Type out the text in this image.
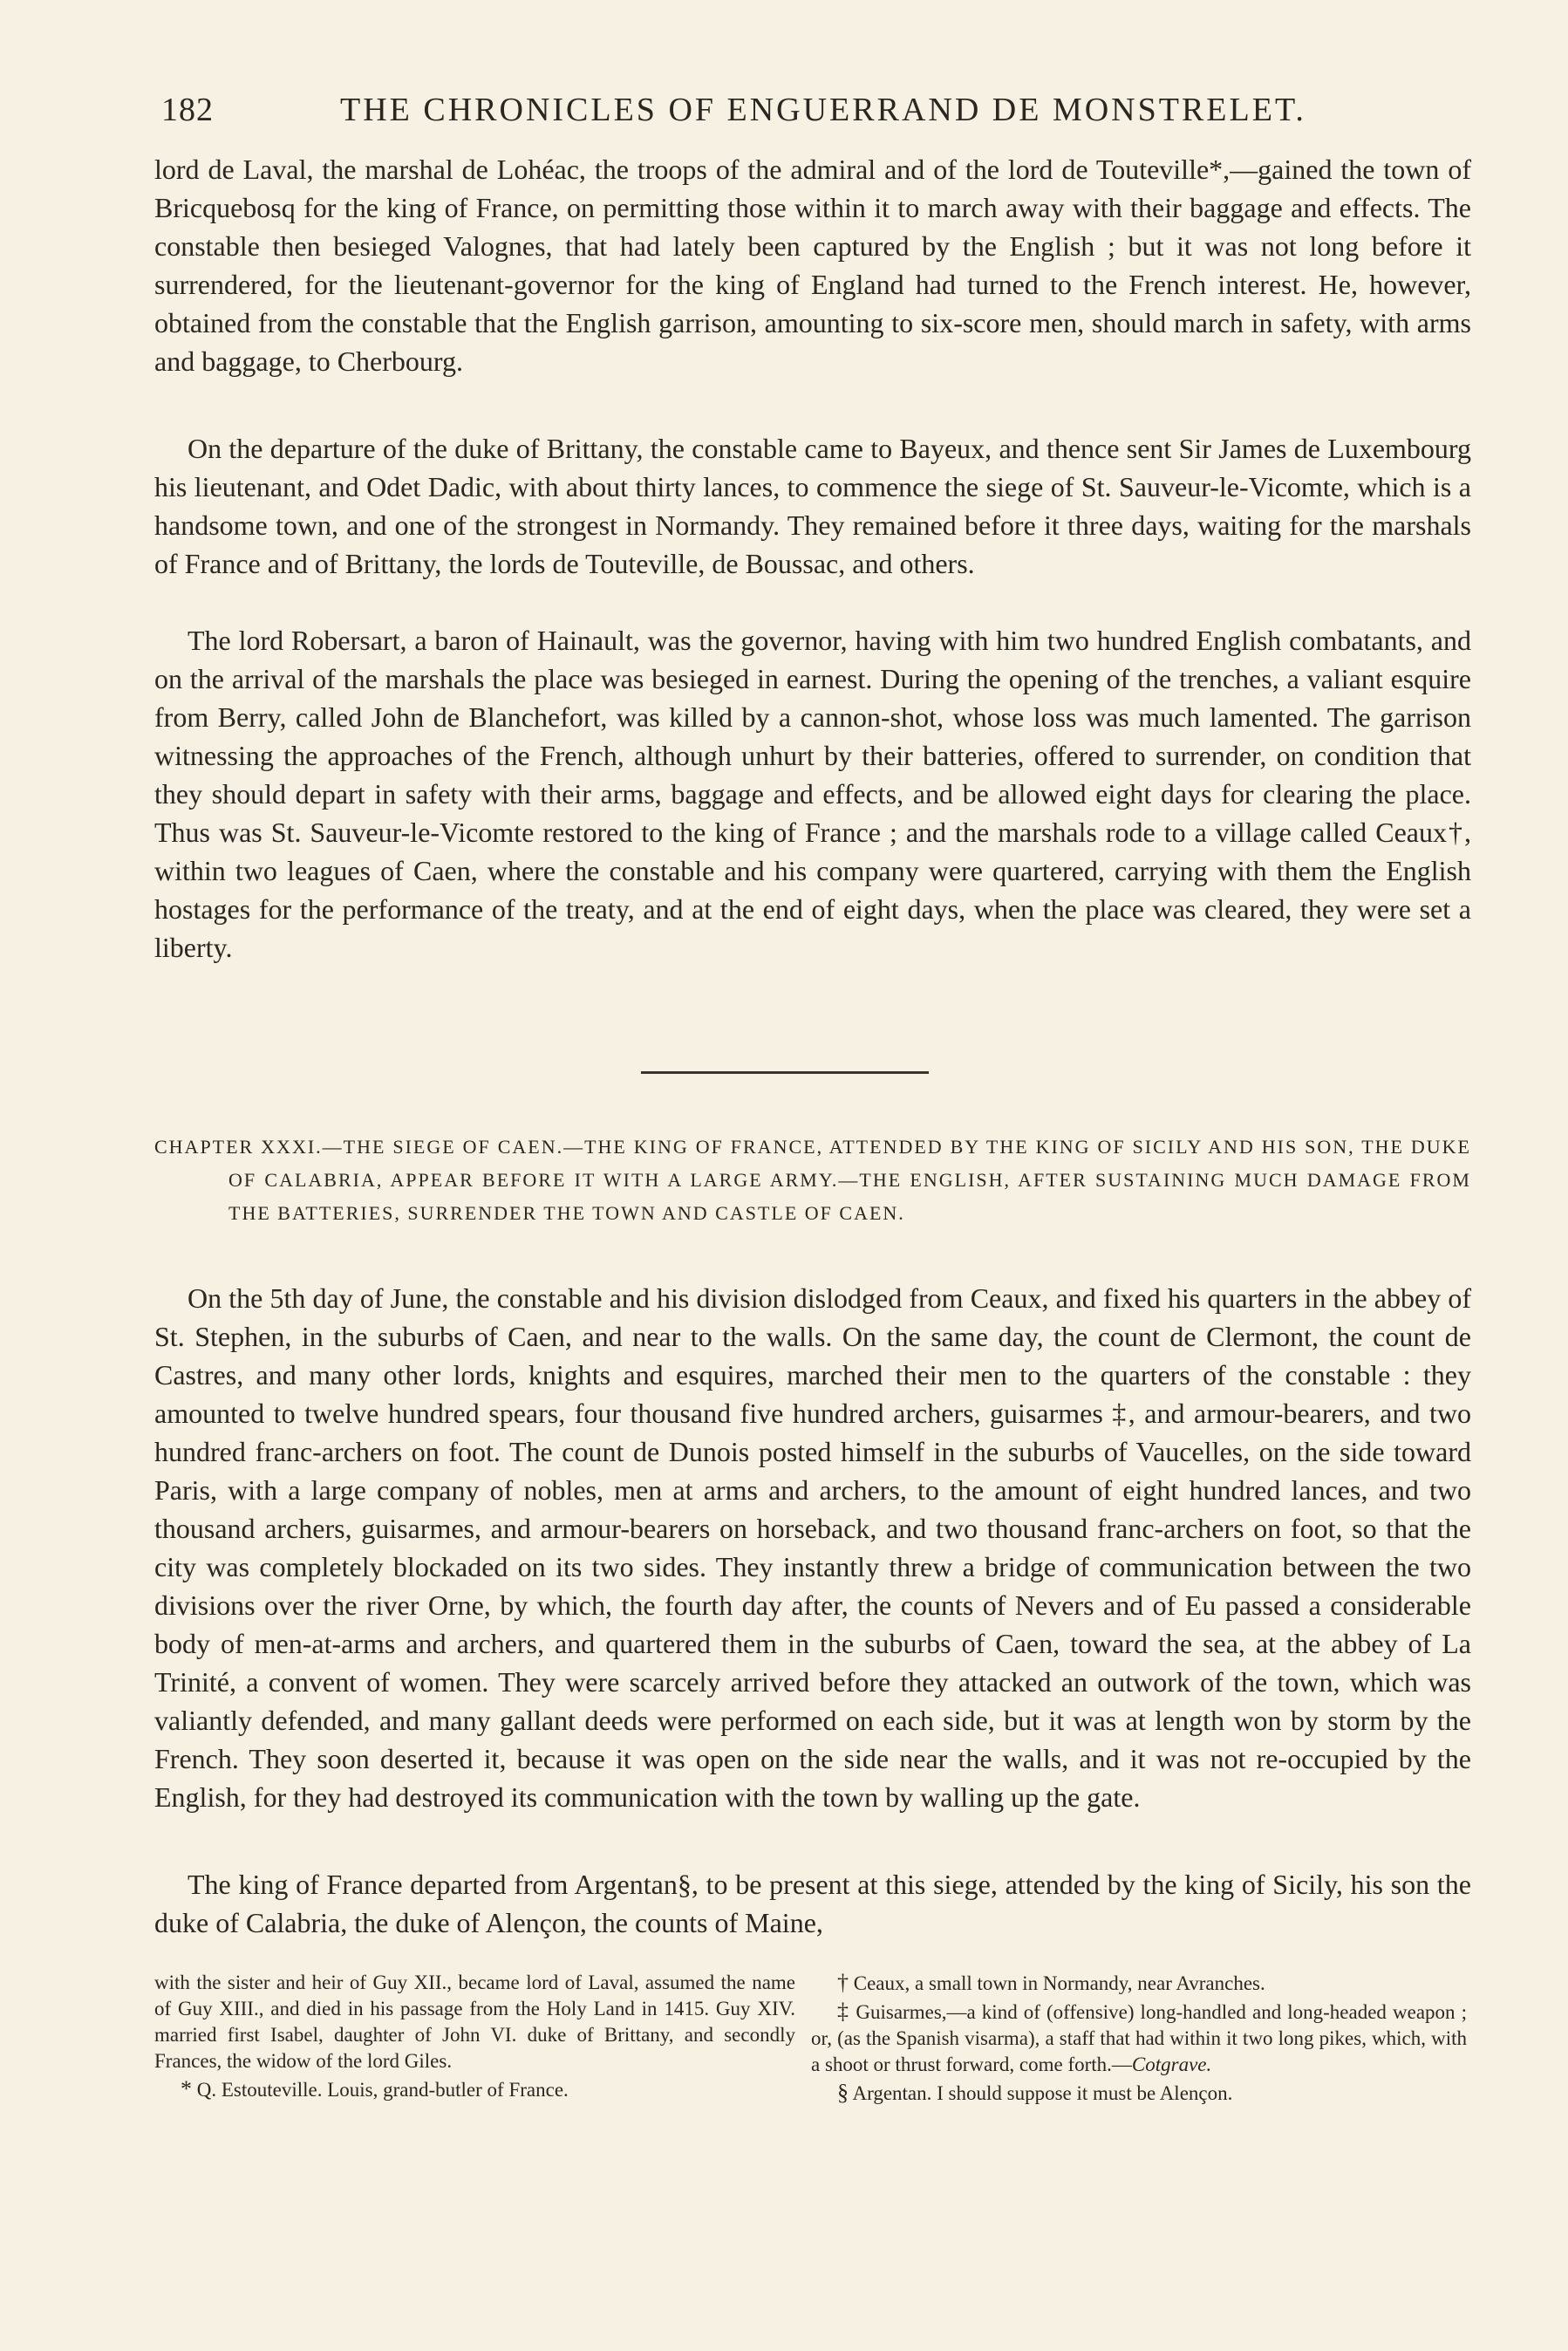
182	THE CHRONICLES OF ENGUERRAND DE MONSTRELET.

lord de Laval, the marshal de Lohéac, the troops of the admiral and of the lord de Touteville*,—gained the town of Bricquebosq for the king of France, on permitting those within it to march away with their baggage and effects. The constable then besieged Valognes, that had lately been captured by the English ; but it was not long before it surrendered, for the lieutenant-governor for the king of England had turned to the French interest. He, however, obtained from the constable that the English garrison, amounting to six-score men, should march in safety, with arms and baggage, to Cherbourg.

On the departure of the duke of Brittany, the constable came to Bayeux, and thence sent Sir James de Luxembourg his lieutenant, and Odet Dadic, with about thirty lances, to commence the siege of St. Sauveur-le-Vicomte, which is a handsome town, and one of the strongest in Normandy. They remained before it three days, waiting for the marshals of France and of Brittany, the lords de Touteville, de Boussac, and others.

The lord Robersart, a baron of Hainault, was the governor, having with him two hundred English combatants, and on the arrival of the marshals the place was besieged in earnest. During the opening of the trenches, a valiant esquire from Berry, called John de Blanchefort, was killed by a cannon-shot, whose loss was much lamented. The garrison witnessing the approaches of the French, although unhurt by their batteries, offered to surrender, on condition that they should depart in safety with their arms, baggage and effects, and be allowed eight days for clearing the place. Thus was St. Sauveur-le-Vicomte restored to the king of France ; and the marshals rode to a village called Ceaux†, within two leagues of Caen, where the constable and his company were quartered, carrying with them the English hostages for the performance of the treaty, and at the end of eight days, when the place was cleared, they were set a liberty.

CHAPTER XXXI.—THE SIEGE OF CAEN.—THE KING OF FRANCE, ATTENDED BY THE KING OF SICILY AND HIS SON, THE DUKE OF CALABRIA, APPEAR BEFORE IT WITH A LARGE ARMY.—THE ENGLISH, AFTER SUSTAINING MUCH DAMAGE FROM THE BATTERIES, SURRENDER THE TOWN AND CASTLE OF CAEN.

On the 5th day of June, the constable and his division dislodged from Ceaux, and fixed his quarters in the abbey of St. Stephen, in the suburbs of Caen, and near to the walls. On the same day, the count de Clermont, the count de Castres, and many other lords, knights and esquires, marched their men to the quarters of the constable : they amounted to twelve hundred spears, four thousand five hundred archers, guisarmes ‡, and armour-bearers, and two hundred franc-archers on foot. The count de Dunois posted himself in the suburbs of Vaucelles, on the side toward Paris, with a large company of nobles, men at arms and archers, to the amount of eight hundred lances, and two thousand archers, guisarmes, and armour-bearers on horseback, and two thousand franc-archers on foot, so that the city was completely blockaded on its two sides. They instantly threw a bridge of communication between the two divisions over the river Orne, by which, the fourth day after, the counts of Nevers and of Eu passed a considerable body of men-at-arms and archers, and quartered them in the suburbs of Caen, toward the sea, at the abbey of La Trinité, a convent of women. They were scarcely arrived before they attacked an outwork of the town, which was valiantly defended, and many gallant deeds were performed on each side, but it was at length won by storm by the French. They soon deserted it, because it was open on the side near the walls, and it was not re-occupied by the English, for they had destroyed its communication with the town by walling up the gate.

The king of France departed from Argentan§, to be present at this siege, attended by the king of Sicily, his son the duke of Calabria, the duke of Alençon, the counts of Maine,

with the sister and heir of Guy XII., became lord of Laval, assumed the name of Guy XIII., and died in his passage from the Holy Land in 1415. Guy XIV. married first Isabel, daughter of John VI. duke of Brittany, and secondly Frances, the widow of the lord Giles.

* Q. Estouteville. Louis, grand-butler of France.

† Ceaux, a small town in Normandy, near Avranches.

‡ Guisarmes,—a kind of (offensive) long-handled and long-headed weapon ; or, (as the Spanish visarma), a staff that had within it two long pikes, which, with a shoot or thrust forward, come forth.—Cotgrave.

§ Argentan. I should suppose it must be Alençon.
